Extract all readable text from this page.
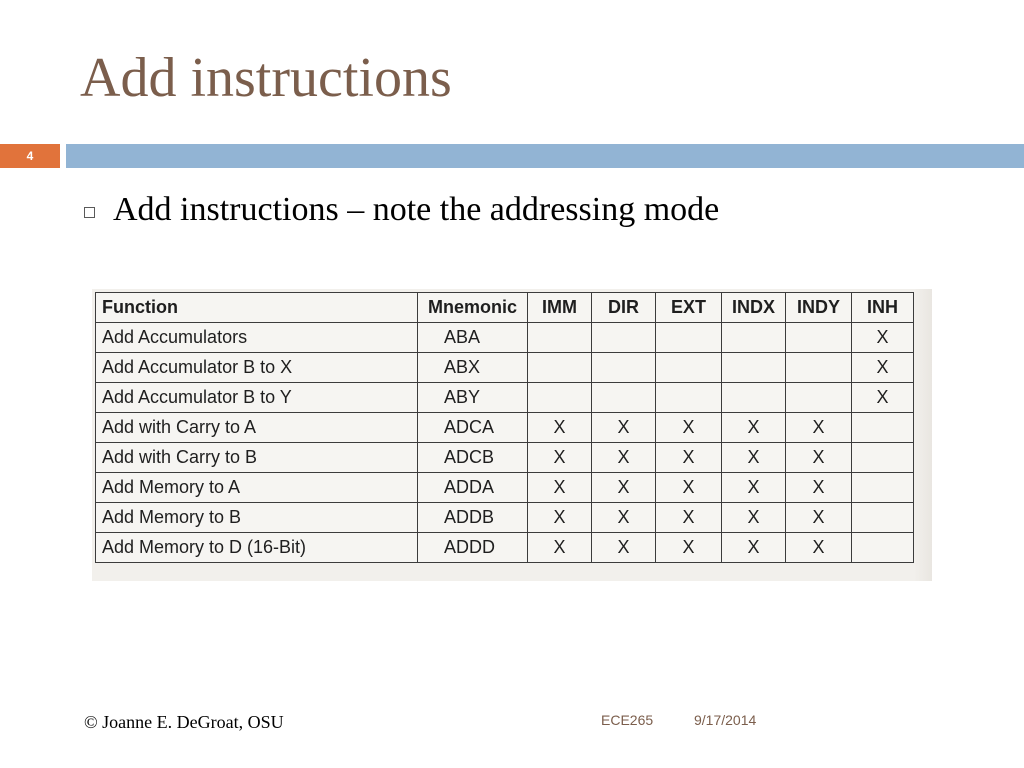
Add instructions
4
Add instructions – note the addressing mode
Function	Mnemonic	IMM	DIR	EXT	INDX	INDY	INH
Add Accumulators	ABA						X
Add Accumulator B to X	ABX						X
Add Accumulator B to Y	ABY						X
Add with Carry to A	ADCA	X	X	X	X	X	
Add with Carry to B	ADCB	X	X	X	X	X	
Add Memory to A	ADDA	X	X	X	X	X	
Add Memory to B	ADDB	X	X	X	X	X	
Add Memory to D (16-Bit)	ADDD	X	X	X	X	X	
© Joanne E. DeGroat, OSU	ECE265	9/17/2014
